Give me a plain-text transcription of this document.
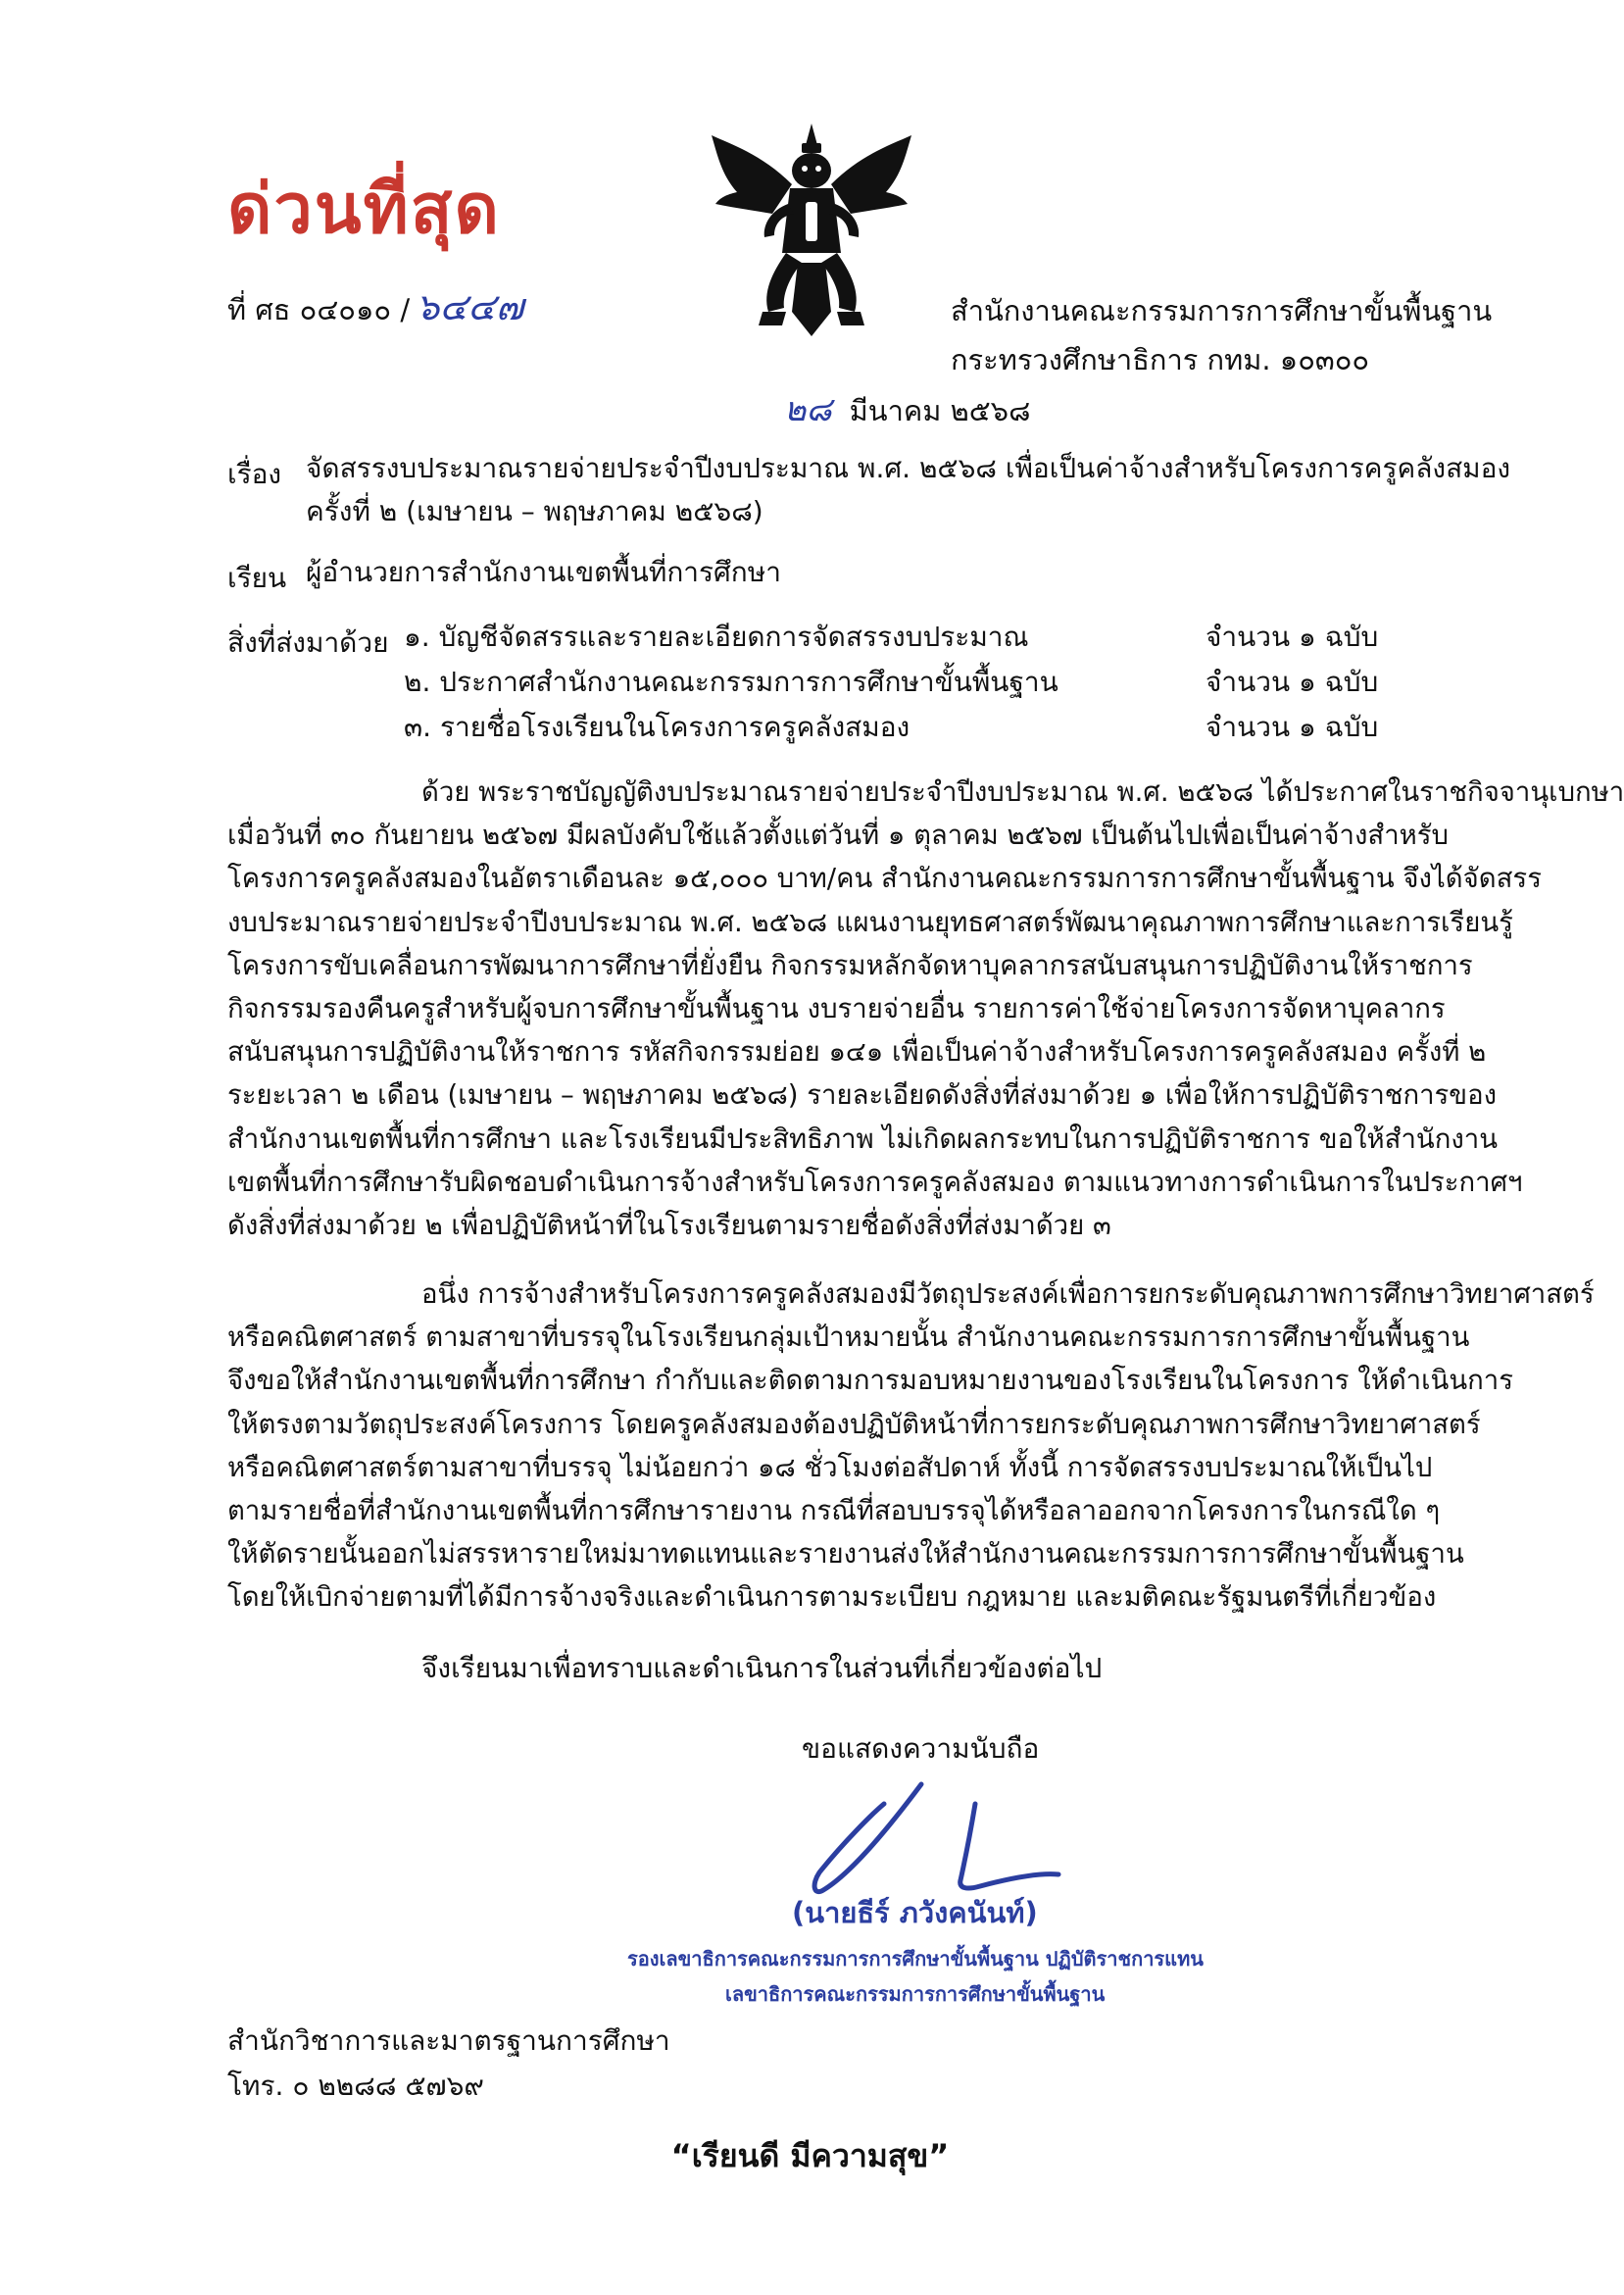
ด่วนที่สุด
ที่ ศธ ๐๔๐๑๐ / ๖๔๔๗	สำนักงานคณะกรรมการการศึกษาขั้นพื้นฐาน
กระทรวงศึกษาธิการ กทม. ๑๐๓๐๐
๒๘ มีนาคม ๒๕๖๘
เรื่อง จัดสรรงบประมาณรายจ่ายประจำปีงบประมาณ พ.ศ. ๒๕๖๘ เพื่อเป็นค่าจ้างสำหรับโครงการครูคลังสมอง
ครั้งที่ ๒ (เมษายน – พฤษภาคม ๒๕๖๘)
เรียน ผู้อำนวยการสำนักงานเขตพื้นที่การศึกษา
สิ่งที่ส่งมาด้วย ๑. บัญชีจัดสรรและรายละเอียดการจัดสรรงบประมาณ	จำนวน ๑ ฉบับ
๒. ประกาศสำนักงานคณะกรรมการการศึกษาขั้นพื้นฐาน	จำนวน ๑ ฉบับ
๓. รายชื่อโรงเรียนในโครงการครูคลังสมอง	จำนวน ๑ ฉบับ
ด้วย พระราชบัญญัติงบประมาณรายจ่ายประจำปีงบประมาณ พ.ศ. ๒๕๖๘ ได้ประกาศในราชกิจจานุเบกษา
เมื่อวันที่ ๓๐ กันยายน ๒๕๖๗ มีผลบังคับใช้แล้วตั้งแต่วันที่ ๑ ตุลาคม ๒๕๖๗ เป็นต้นไปเพื่อเป็นค่าจ้างสำหรับ
โครงการครูคลังสมองในอัตราเดือนละ ๑๕,๐๐๐ บาท/คน สำนักงานคณะกรรมการการศึกษาขั้นพื้นฐาน จึงได้จัดสรร
งบประมาณรายจ่ายประจำปีงบประมาณ พ.ศ. ๒๕๖๘ แผนงานยุทธศาสตร์พัฒนาคุณภาพการศึกษาและการเรียนรู้
โครงการขับเคลื่อนการพัฒนาการศึกษาที่ยั่งยืน กิจกรรมหลักจัดหาบุคลากรสนับสนุนการปฏิบัติงานให้ราชการ
กิจกรรมรองคืนครูสำหรับผู้จบการศึกษาขั้นพื้นฐาน งบรายจ่ายอื่น รายการค่าใช้จ่ายโครงการจัดหาบุคลากร
สนับสนุนการปฏิบัติงานให้ราชการ รหัสกิจกรรมย่อย ๑๔๑ เพื่อเป็นค่าจ้างสำหรับโครงการครูคลังสมอง ครั้งที่ ๒
ระยะเวลา ๒ เดือน (เมษายน – พฤษภาคม ๒๕๖๘) รายละเอียดดังสิ่งที่ส่งมาด้วย ๑ เพื่อให้การปฏิบัติราชการของ
สำนักงานเขตพื้นที่การศึกษา และโรงเรียนมีประสิทธิภาพ ไม่เกิดผลกระทบในการปฏิบัติราชการ ขอให้สำนักงาน
เขตพื้นที่การศึกษารับผิดชอบดำเนินการจ้างสำหรับโครงการครูคลังสมอง ตามแนวทางการดำเนินการในประกาศฯ
ดังสิ่งที่ส่งมาด้วย ๒ เพื่อปฏิบัติหน้าที่ในโรงเรียนตามรายชื่อดังสิ่งที่ส่งมาด้วย ๓
อนึ่ง การจ้างสำหรับโครงการครูคลังสมองมีวัตถุประสงค์เพื่อการยกระดับคุณภาพการศึกษาวิทยาศาสตร์
หรือคณิตศาสตร์ ตามสาขาที่บรรจุในโรงเรียนกลุ่มเป้าหมายนั้น สำนักงานคณะกรรมการการศึกษาขั้นพื้นฐาน
จึงขอให้สำนักงานเขตพื้นที่การศึกษา กำกับและติดตามการมอบหมายงานของโรงเรียนในโครงการ ให้ดำเนินการ
ให้ตรงตามวัตถุประสงค์โครงการ โดยครูคลังสมองต้องปฏิบัติหน้าที่การยกระดับคุณภาพการศึกษาวิทยาศาสตร์
หรือคณิตศาสตร์ตามสาขาที่บรรจุ ไม่น้อยกว่า ๑๘ ชั่วโมงต่อสัปดาห์ ทั้งนี้ การจัดสรรงบประมาณให้เป็นไป
ตามรายชื่อที่สำนักงานเขตพื้นที่การศึกษารายงาน กรณีที่สอบบรรจุได้หรือลาออกจากโครงการในกรณีใด ๆ
ให้ตัดรายนั้นออกไม่สรรหารายใหม่มาทดแทนและรายงานส่งให้สำนักงานคณะกรรมการการศึกษาขั้นพื้นฐาน
โดยให้เบิกจ่ายตามที่ได้มีการจ้างจริงและดำเนินการตามระเบียบ กฎหมาย และมติคณะรัฐมนตรีที่เกี่ยวข้อง
จึงเรียนมาเพื่อทราบและดำเนินการในส่วนที่เกี่ยวข้องต่อไป
ขอแสดงความนับถือ
(นายธีร์ ภวังคนันท์)
รองเลขาธิการคณะกรรมการการศึกษาขั้นพื้นฐาน ปฏิบัติราชการแทน
เลขาธิการคณะกรรมการการศึกษาขั้นพื้นฐาน
สำนักวิชาการและมาตรฐานการศึกษา
โทร. ๐ ๒๒๘๘ ๕๗๖๙
“เรียนดี มีความสุข”
